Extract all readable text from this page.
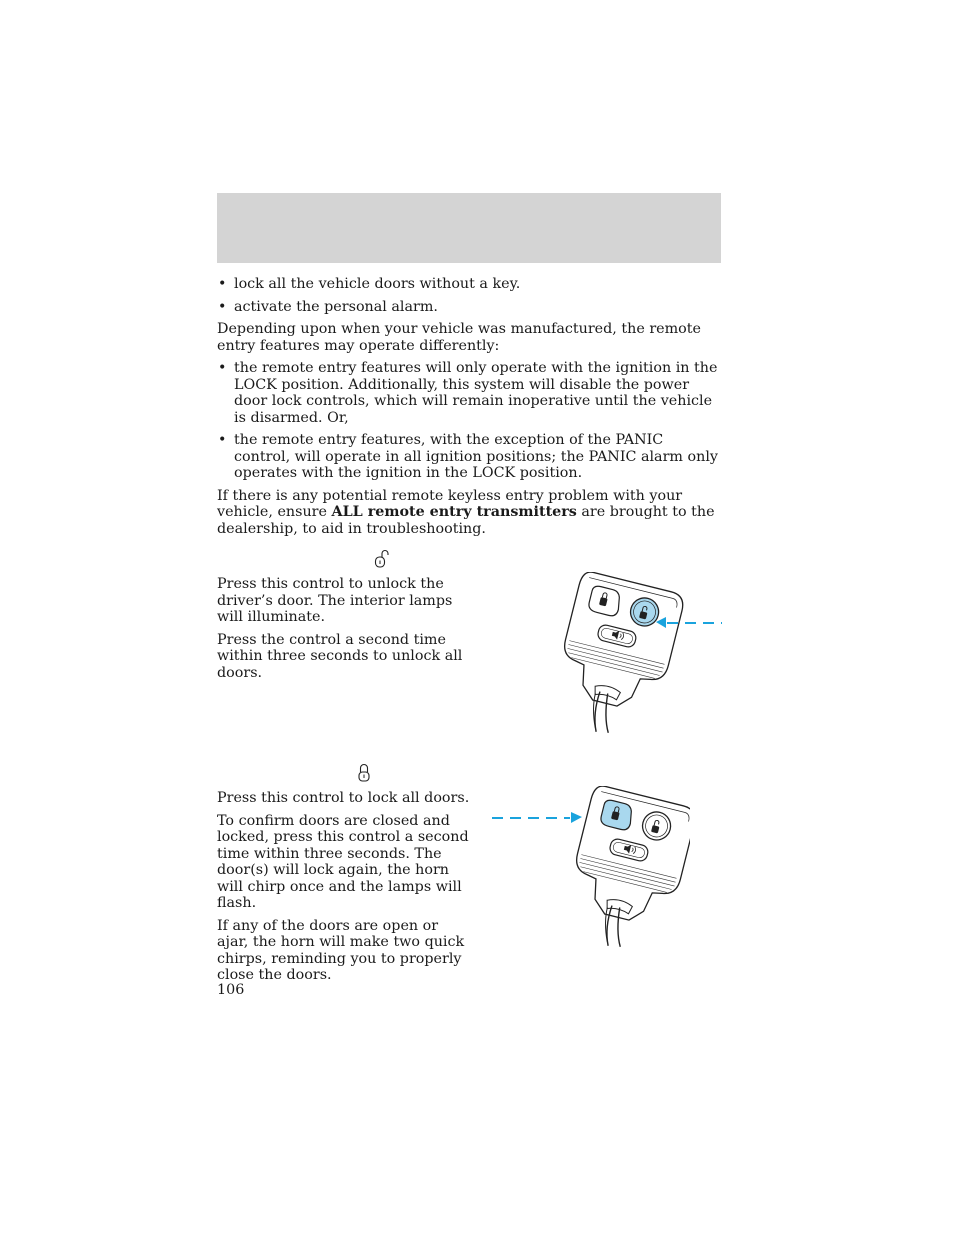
• lock all the vehicle doors without a key.
• activate the personal alarm.

Depending upon when your vehicle was manufactured, the remote entry features may operate differently:

• the remote entry features will only operate with the ignition in the LOCK position. Additionally, this system will disable the power door lock controls, which will remain inoperative until the vehicle is disarmed. Or,
• the remote entry features, with the exception of the PANIC control, will operate in all ignition positions; the PANIC alarm only operates with the ignition in the LOCK position.

If there is any potential remote keyless entry problem with your vehicle, ensure ALL remote entry transmitters are brought to the dealership, to aid in troubleshooting.

Press this control to unlock the driver’s door. The interior lamps will illuminate.

Press the control a second time within three seconds to unlock all doors.

Press this control to lock all doors.

To confirm doors are closed and locked, press this control a second time within three seconds. The door(s) will lock again, the horn will chirp once and the lamps will flash.

If any of the doors are open or ajar, the horn will make two quick chirps, reminding you to properly close the doors.

106
